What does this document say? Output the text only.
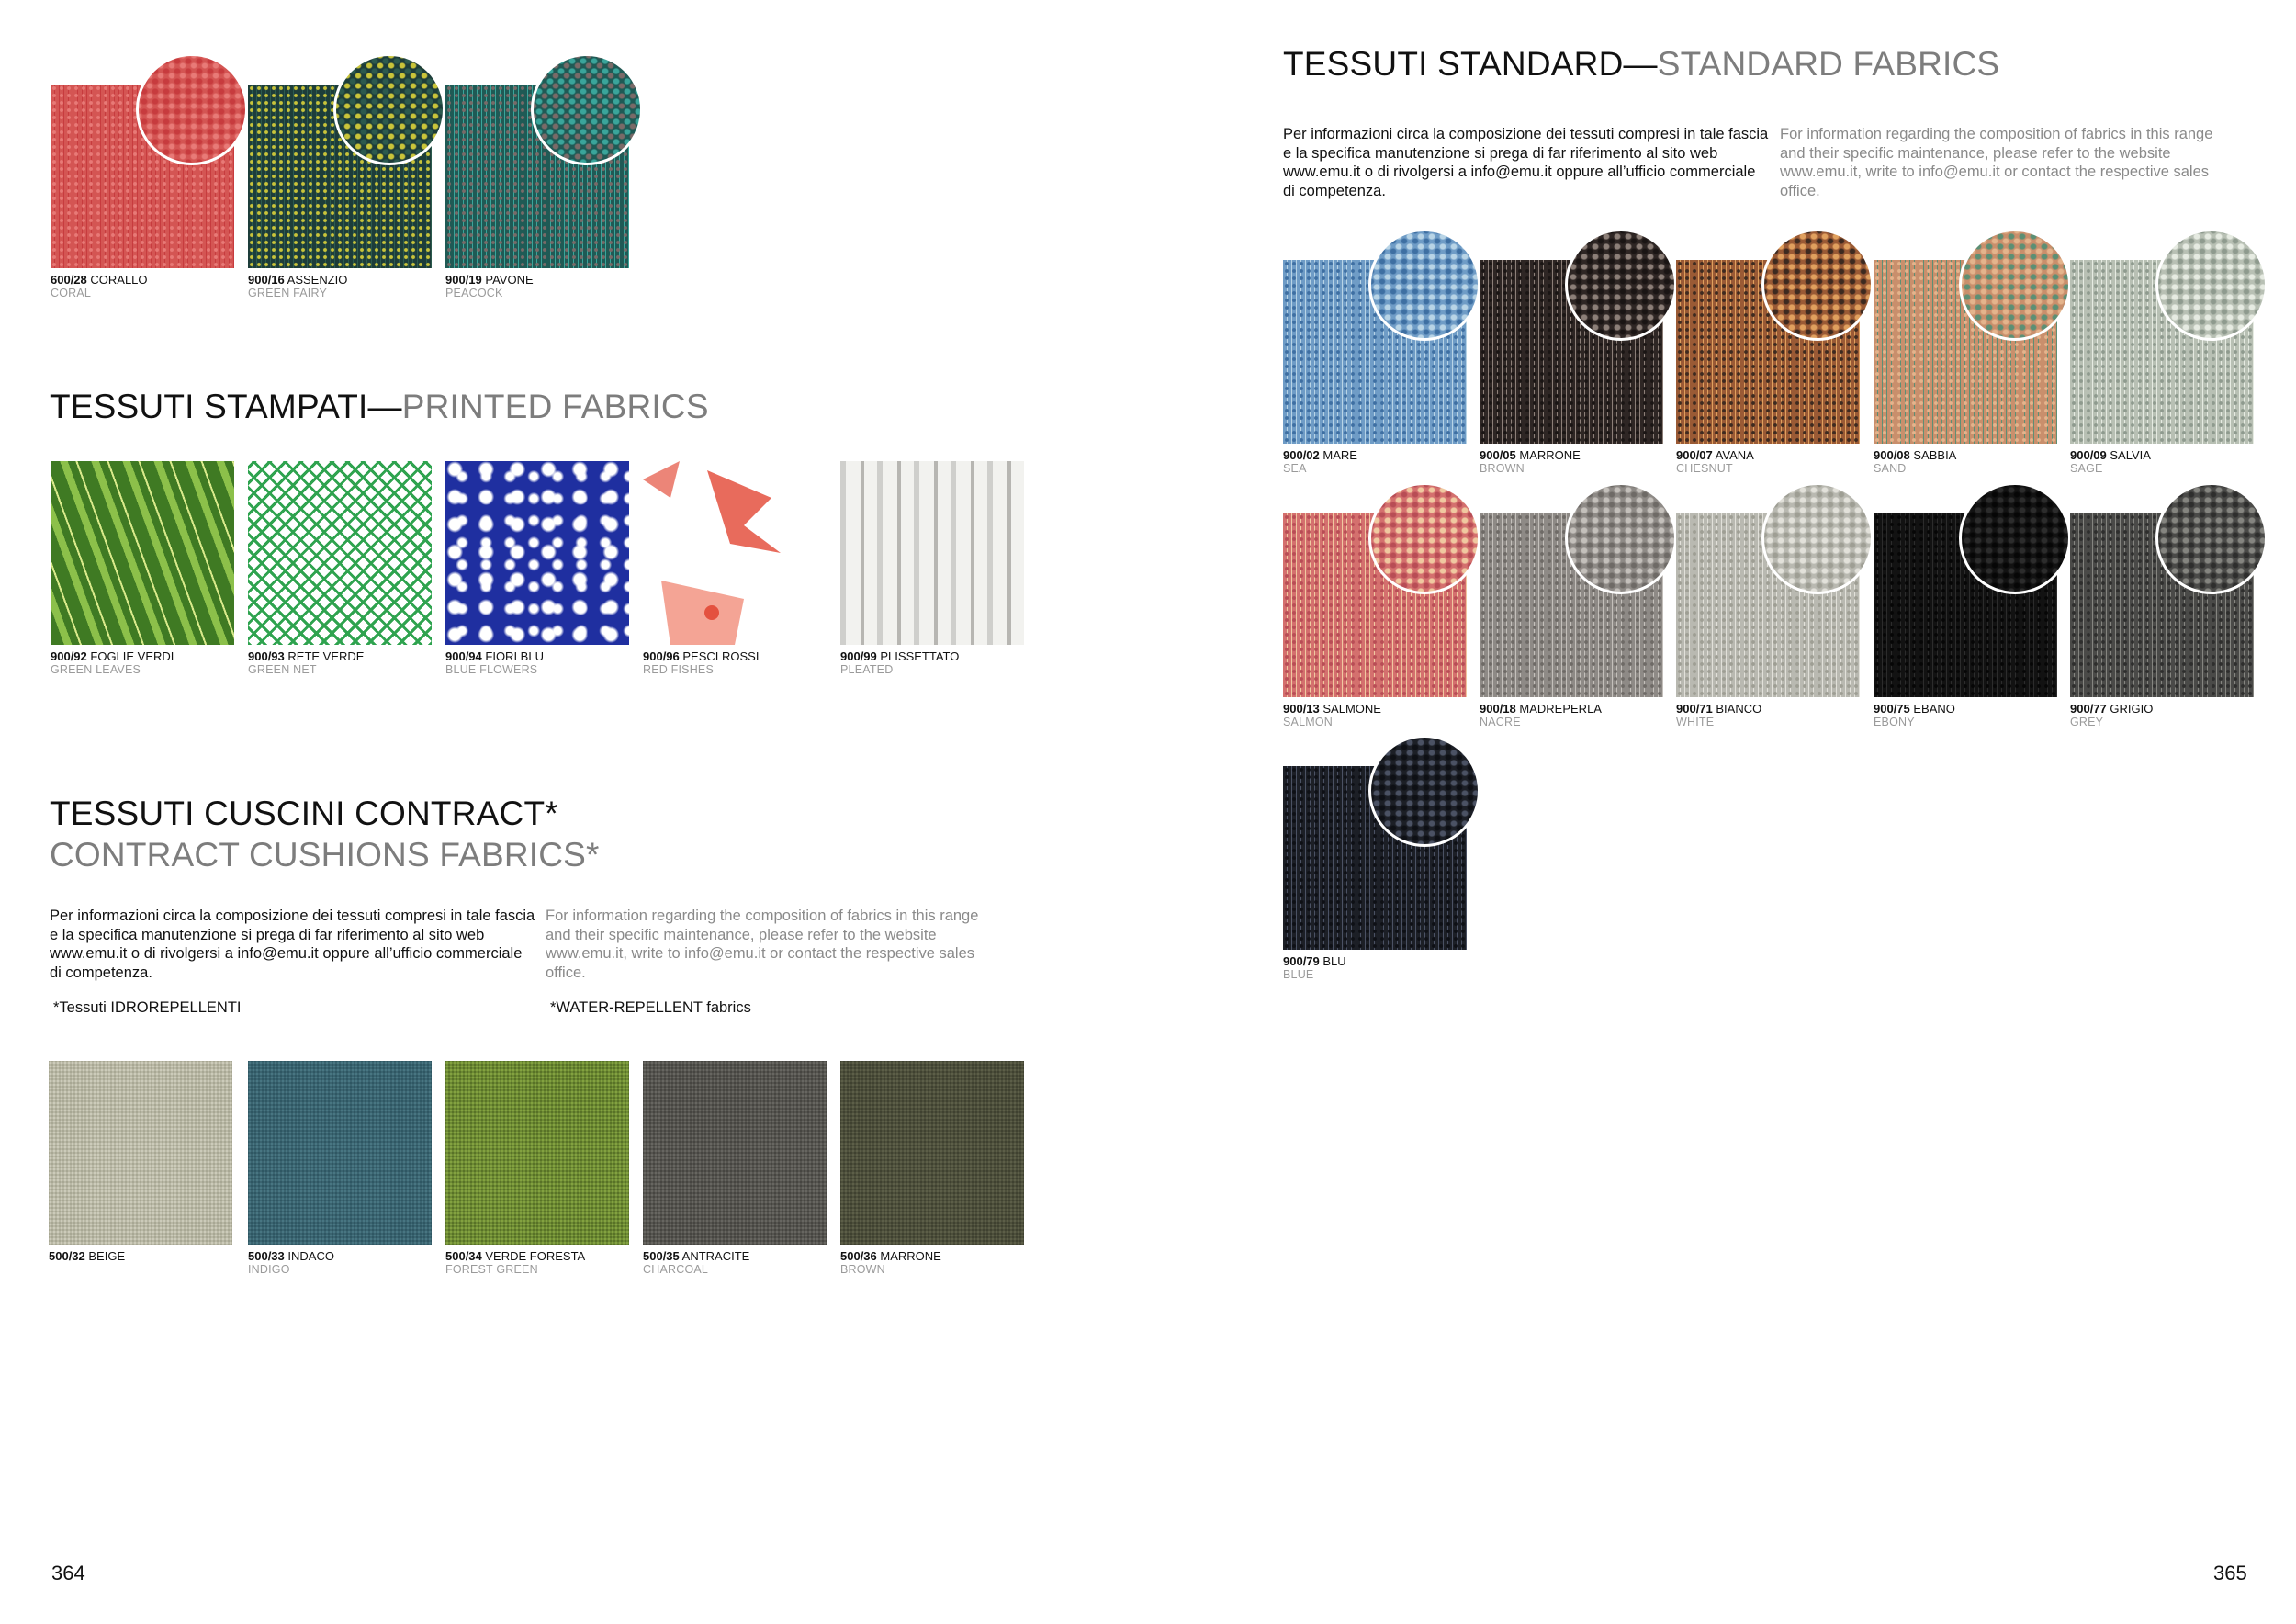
600/28 CORALLO
CORAL
900/16 ASSENZIO
GREEN FAIRY
900/19 PAVONE
PEACOCK
TESSUTI STAMPATI—PRINTED FABRICS
900/92 FOGLIE VERDI
GREEN LEAVES
900/93 RETE VERDE
GREEN NET
900/94 FIORI BLU
BLUE FLOWERS
900/96 PESCI ROSSI
RED FISHES
900/99 PLISSETTATO
PLEATED
TESSUTI CUSCINI CONTRACT*
CONTRACT CUSHIONS FABRICS*
Per informazioni circa la composizione dei tessuti compresi in tale fascia
e la specifica manutenzione si prega di far riferimento al sito web
www.emu.it o di rivolgersi a info@emu.it oppure all’ufficio commerciale
di competenza.
For information regarding the composition of fabrics in this range
and their specific maintenance, please refer to the website
www.emu.it, write to info@emu.it or contact the respective sales
office.
*Tessuti IDROREPELLENTI	*WATER-REPELLENT fabrics
500/32 BEIGE	500/33 INDACO
INDIGO
500/34 VERDE FORESTA
FOREST GREEN
500/35 ANTRACITE
CHARCOAL
500/36 MARRONE
BROWN
364
TESSUTI STANDARD—STANDARD FABRICS
Per informazioni circa la composizione dei tessuti compresi in tale fascia
e la specifica manutenzione si prega di far riferimento al sito web
www.emu.it o di rivolgersi a info@emu.it oppure all’ufficio commerciale
di competenza.
For information regarding the composition of fabrics in this range
and their specific maintenance, please refer to the website
www.emu.it, write to info@emu.it or contact the respective sales
office.
900/02 MARE
SEA
900/05 MARRONE
BROWN
900/07 AVANA
CHESNUT
900/08 SABBIA
SAND
900/09 SALVIA
SAGE
900/13 SALMONE
SALMON
900/18 MADREPERLA
NACRE
900/71 BIANCO
WHITE
900/75 EBANO
EBONY
900/77 GRIGIO
GREY
900/79 BLU
BLUE
365
